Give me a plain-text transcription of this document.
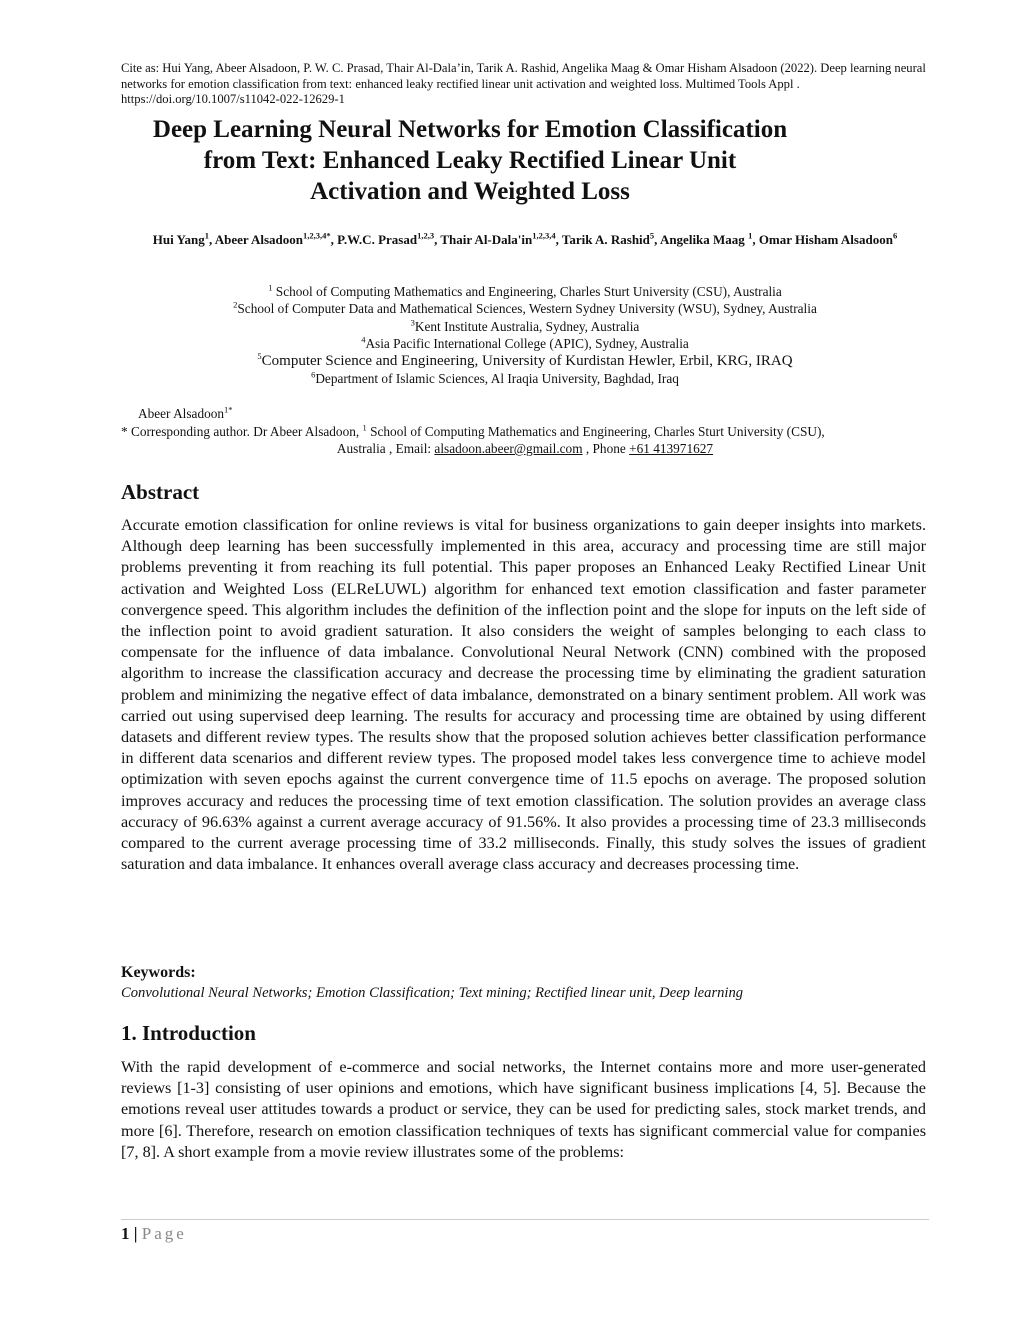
Cite as: Hui Yang, Abeer Alsadoon, P. W. C. Prasad, Thair Al-Dala’in, Tarik A. Rashid, Angelika Maag & Omar Hisham Alsadoon (2022). Deep learning neural networks for emotion classification from text: enhanced leaky rectified linear unit activation and weighted loss. Multimed Tools Appl . https://doi.org/10.1007/s11042-022-12629-1
Deep Learning Neural Networks for Emotion Classification from Text: Enhanced Leaky Rectified Linear Unit Activation and Weighted Loss
Hui Yang$^1$, Abeer Alsadoon$^{1,2,3,4*}$, P.W.C. Prasad$^{1,2,3}$, Thair Al-Dala'in$^{1,2,3,4}$, Tarik A. Rashid$^5$, Angelika Maag $^1$, Omar Hisham Alsadoon$^6$
$^1$ School of Computing Mathematics and Engineering, Charles Sturt University (CSU), Australia
$^2$School of Computer Data and Mathematical Sciences, Western Sydney University (WSU), Sydney, Australia
$^3$Kent Institute Australia, Sydney, Australia
$^4$Asia Pacific International College (APIC), Sydney, Australia
$^5$Computer Science and Engineering, University of Kurdistan Hewler, Erbil, KRG, IRAQ
$^6$Department of Islamic Sciences, Al Iraqia University, Baghdad, Iraq
Abeer Alsadoon$^{1*}$
* Corresponding author. Dr Abeer Alsadoon, $^1$ School of Computing Mathematics and Engineering, Charles Sturt University (CSU),
Australia , Email: alsadoon.abeer@gmail.com , Phone +61 413971627
Abstract
Accurate emotion classification for online reviews is vital for business organizations to gain deeper insights into markets. Although deep learning has been successfully implemented in this area, accuracy and processing time are still major problems preventing it from reaching its full potential. This paper proposes an Enhanced Leaky Rectified Linear Unit activation and Weighted Loss (ELReLUWL) algorithm for enhanced text emotion classification and faster parameter convergence speed. This algorithm includes the definition of the inflection point and the slope for inputs on the left side of the inflection point to avoid gradient saturation. It also considers the weight of samples belonging to each class to compensate for the influence of data imbalance. Convolutional Neural Network (CNN) combined with the proposed algorithm to increase the classification accuracy and decrease the processing time by eliminating the gradient saturation problem and minimizing the negative effect of data imbalance, demonstrated on a binary sentiment problem. All work was carried out using supervised deep learning. The results for accuracy and processing time are obtained by using different datasets and different review types. The results show that the proposed solution achieves better classification performance in different data scenarios and different review types. The proposed model takes less convergence time to achieve model optimization with seven epochs against the current convergence time of 11.5 epochs on average. The proposed solution improves accuracy and reduces the processing time of text emotion classification. The solution provides an average class accuracy of 96.63% against a current average accuracy of 91.56%. It also provides a processing time of 23.3 milliseconds compared to the current average processing time of 33.2 milliseconds. Finally, this study solves the issues of gradient saturation and data imbalance. It enhances overall average class accuracy and decreases processing time.
Keywords:
Convolutional Neural Networks; Emotion Classification; Text mining; Rectified linear unit, Deep learning
1. Introduction
With the rapid development of e-commerce and social networks, the Internet contains more and more user-generated reviews [1-3] consisting of user opinions and emotions, which have significant business implications [4, 5]. Because the emotions reveal user attitudes towards a product or service, they can be used for predicting sales, stock market trends, and more [6]. Therefore, research on emotion classification techniques of texts has significant commercial value for companies [7, 8]. A short example from a movie review illustrates some of the problems:
1 | Page
